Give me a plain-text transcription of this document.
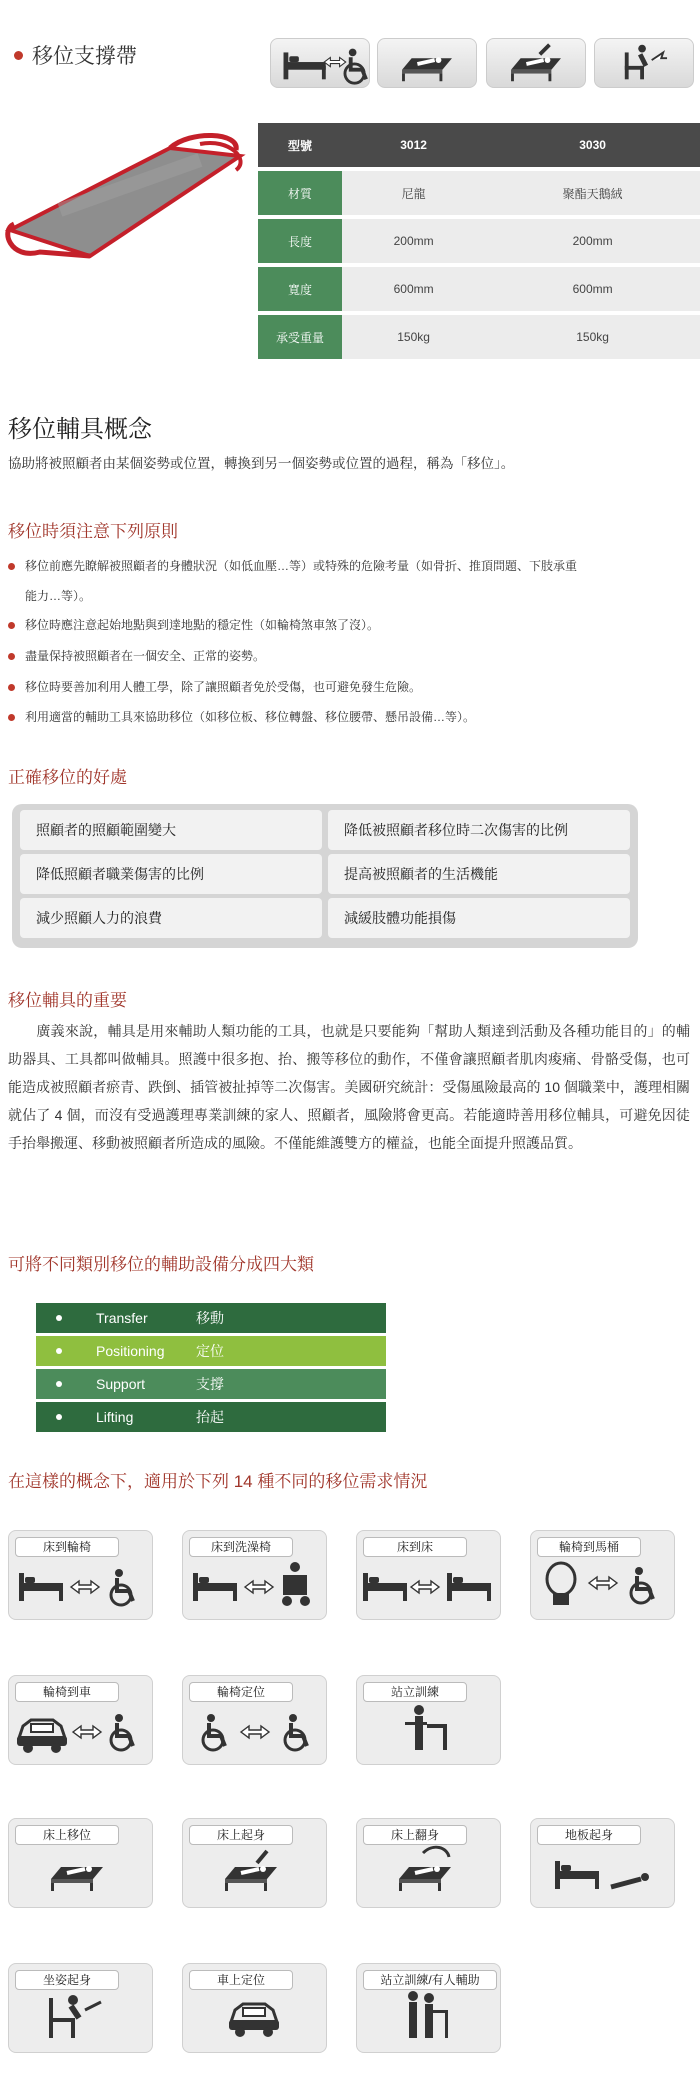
移位支撐帶
型號	3012	3030
材質	尼龍	聚酯天鵝絨
長度	200mm	200mm
寬度	600mm	600mm
承受重量	150kg	150kg
移位輔具概念
協助將被照顧者由某個姿勢或位置，轉換到另一個姿勢或位置的過程，稱為「移位」。
移位時須注意下列原則
移位前應先瞭解被照顧者的身體狀況（如低血壓…等）或特殊的危險考量（如骨折、推頂問題、下肢承重
能力…等）。
移位時應注意起始地點與到達地點的穩定性（如輪椅煞車煞了沒）。
盡量保持被照顧者在一個安全、正常的姿勢。
移位時要善加利用人體工學，除了讓照顧者免於受傷，也可避免發生危險。
利用適當的輔助工具來協助移位（如移位板、移位轉盤、移位腰帶、懸吊設備…等）。
正確移位的好處
照顧者的照顧範圍變大	降低被照顧者移位時二次傷害的比例
降低照顧者職業傷害的比例	提高被照顧者的生活機能
減少照顧人力的浪費	減緩肢體功能損傷
移位輔具的重要
　　廣義來說，輔具是用來輔助人類功能的工具，也就是只要能夠「幫助人類達到活動及各種功能目的」的輔助器具、工具都叫做輔具。照護中很多抱、抬、搬等移位的動作，不僅會讓照顧者肌肉痠痛、骨骼受傷，也可能造成被照顧者瘀青、跌倒、插管被扯掉等二次傷害。美國研究統計：受傷風險最高的 10 個職業中，護理相關就佔了 4 個，而沒有受過護理專業訓練的家人、照顧者，風險將會更高。若能適時善用移位輔具，可避免因徒手抬舉搬運、移動被照顧者所造成的風險。不僅能維護雙方的權益，也能全面提升照護品質。
可將不同類別移位的輔助設備分成四大類
Transfer	移動
Positioning	定位
Support	支撐
Lifting	抬起
在這樣的概念下，適用於下列 14 種不同的移位需求情況
床到輪椅	床到洗澡椅	床到床	輪椅到馬桶
輪椅到車	輪椅定位	站立訓練
床上移位	床上起身	床上翻身	地板起身
坐姿起身	車上定位	站立訓練/有人輔助
